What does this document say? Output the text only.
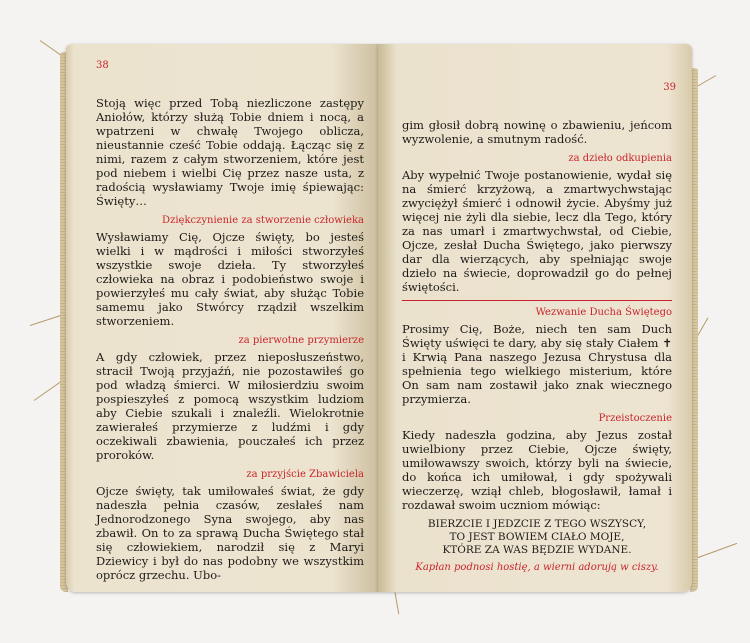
38

Stoją więc przed Tobą niezliczone zastępy Aniołów, którzy służą Tobie dniem i nocą, a wpatrzeni w chwałę Twojego oblicza, nieustannie cześć Tobie oddają. Łącząc się z nimi, razem z całym stworzeniem, które jest pod niebem i wielbi Cię przez nasze usta, z radością wysławiamy Twoje imię śpiewając: Święty…

Dziękczynienie za stworzenie człowieka

Wysławiamy Cię, Ojcze święty, bo jesteś wielki i w mądrości i miłości stworzyłeś wszystkie swoje dzieła. Ty stworzyłeś człowieka na obraz i podobieństwo swoje i powierzyłeś mu cały świat, aby służąc Tobie samemu jako Stwórcy rządził wszelkim stworzeniem.

za pierwotne przymierze

A gdy człowiek, przez nieposłuszeństwo, stracił Twoją przyjaźń, nie pozostawiłeś go pod władzą śmierci. W miłosierdziu swoim pospieszyłeś z pomocą wszystkim ludziom aby Ciebie szukali i znaleźli. Wielokrotnie zawierałeś przymierze z ludźmi i gdy oczekiwali zbawienia, pouczałeś ich przez proroków.

za przyjście Zbawiciela

Ojcze święty, tak umiłowałeś świat, że gdy nadeszła pełnia czasów, zesłałeś nam Jednorodzonego Syna swojego, aby nas zbawił. On to za sprawą Ducha Świętego stał się człowiekiem, narodził się z Maryi Dziewicy i był do nas podobny we wszystkim oprócz grzechu. Ubo-

39

gim głosił dobrą nowinę o zbawieniu, jeńcom wyzwolenie, a smutnym radość.

za dzieło odkupienia

Aby wypełnić Twoje postanowienie, wydał się na śmierć krzyżową, a zmartwychwstając zwyciężył śmierć i odnowił życie. Abyśmy już więcej nie żyli dla siebie, lecz dla Tego, który za nas umarł i zmartwychwstał, od Ciebie, Ojcze, zesłał Ducha Świętego, jako pierwszy dar dla wierzących, aby spełniając swoje dzieło na świecie, doprowadził go do pełnej świętości.

Wezwanie Ducha Świętego

Prosimy Cię, Boże, niech ten sam Duch Święty uświęci te dary, aby się stały Ciałem ✝ i Krwią Pana naszego Jezusa Chrystusa dla spełnienia tego wielkiego misterium, które On sam nam zostawił jako znak wiecznego przymierza.

Przeistoczenie

Kiedy nadeszła godzina, aby Jezus został uwielbiony przez Ciebie, Ojcze święty, umiłowawszy swoich, którzy byli na świecie, do końca ich umiłował, i gdy spożywali wieczerzę, wziął chleb, błogosławił, łamał i rozdawał swoim uczniom mówiąc:

BIERZCIE I JEDZCIE Z TEGO WSZYSCY,
TO JEST BOWIEM CIAŁO MOJE,
KTÓRE ZA WAS BĘDZIE WYDANE.
Kapłan podnosi hostię, a wierni adorują w ciszy.
